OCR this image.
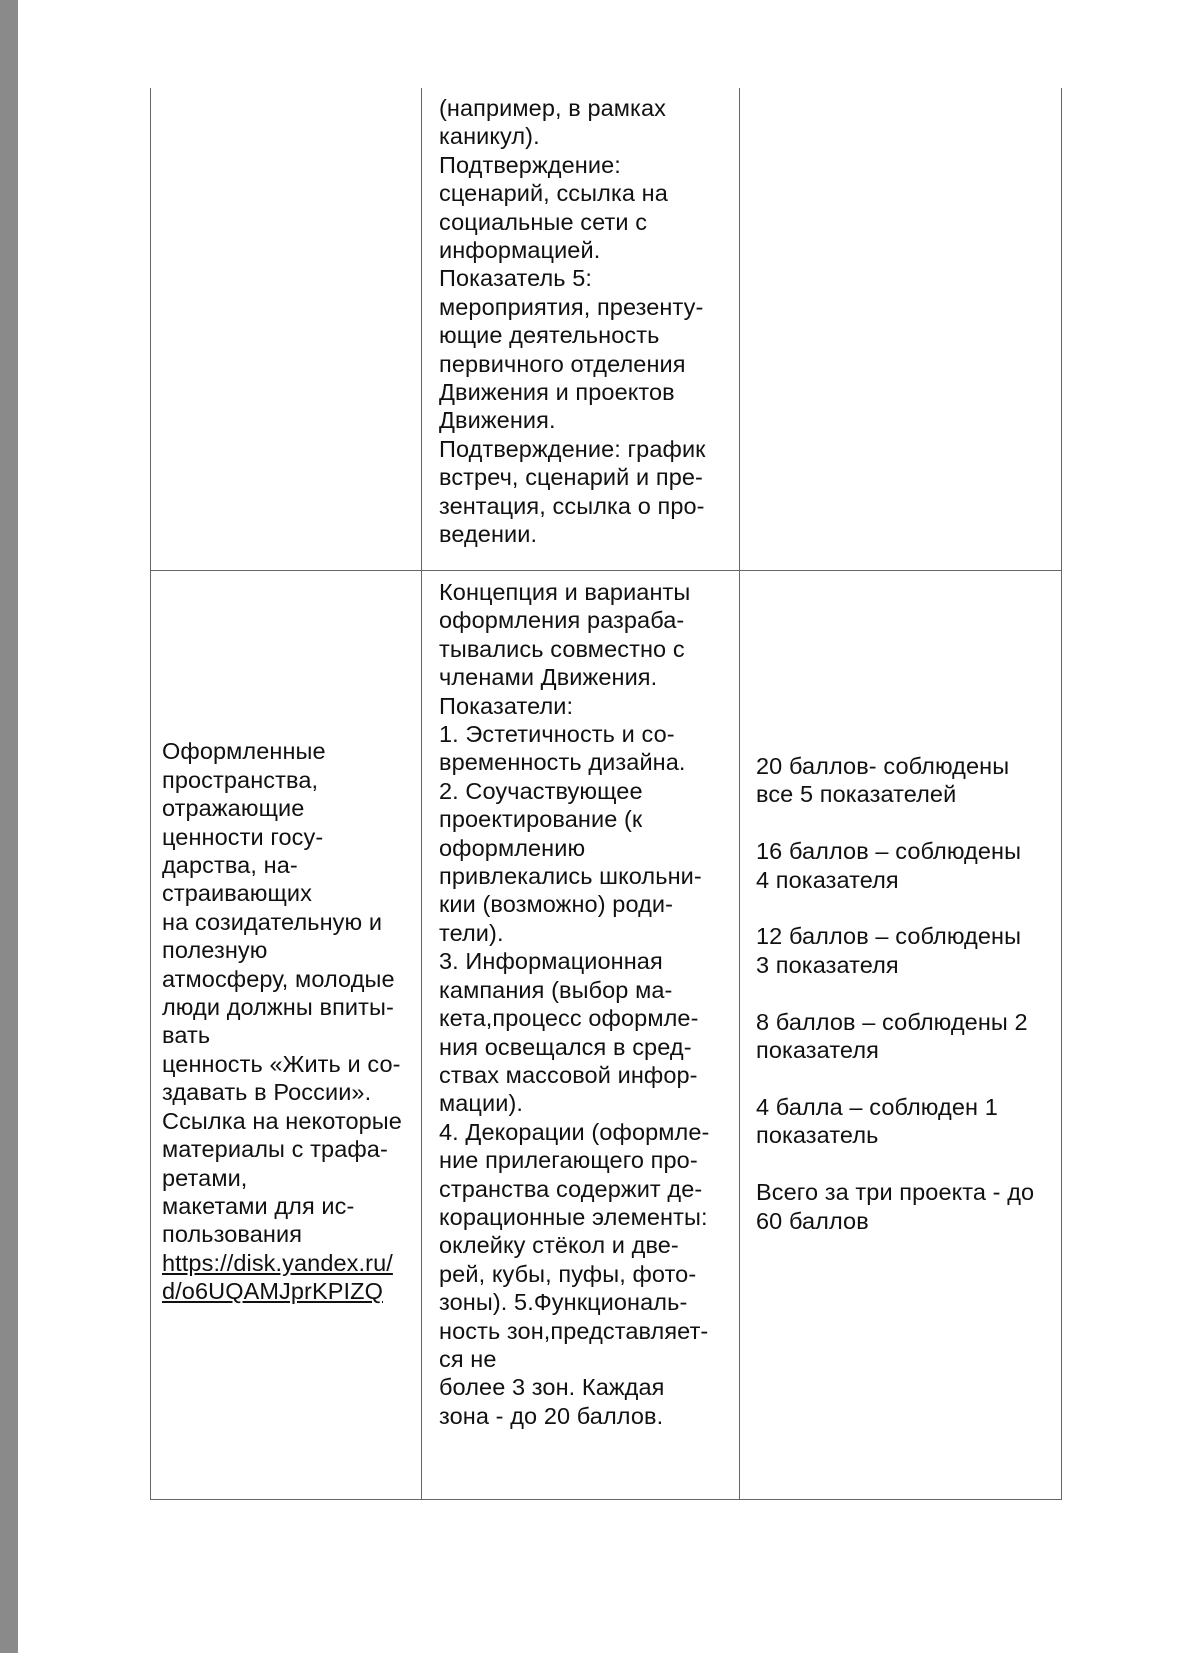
(например, в рамках
каникул).
Подтверждение:
сценарий, ссылка на
социальные сети с
информацией.
Показатель 5:
мероприятия, презенту-
ющие деятельность
первичного отделения
Движения и проектов
Движения.
Подтверждение: график
встреч, сценарий и пре-
зентация, ссылка о про-
ведении.

Оформленные
пространства,
отражающие
ценности госу-
дарства, на-
страивающих
на созидательную и
полезную
атмосферу, молодые
люди должны впиты-
вать
ценность «Жить и со-
здавать в России».
Ссылка на некоторые
материалы с трафа-
ретами,
макетами для ис-
пользования
https://disk.yandex.ru/
d/o6UQAMJprKPIZQ

Концепция и варианты
оформления разраба-
тывались совместно с
членами Движения.
Показатели:
1. Эстетичность и со-
временность дизайна.
2. Соучаствующее
проектирование (к
оформлению
привлекались школьни-
кии (возможно) роди-
тели).
3. Информационная
кампания (выбор ма-
кета,процесс оформле-
ния освещался в сред-
ствах массовой инфор-
мации).
4. Декорации (оформле-
ние прилегающего про-
странства содержит де-
корационные элементы:
оклейку стёкол и две-
рей, кубы, пуфы, фото-
зоны). 5.Функциональ-
ность зон,представляет-
ся не
более 3 зон. Каждая
зона - до 20 баллов.
20 баллов- соблюдены
все 5 показателей

16 баллов – соблюдены
4 показателя

12 баллов – соблюдены
3 показателя

8 баллов – соблюдены 2
показателя

4 балла – соблюден 1
показатель

Всего за три проекта - до
60 баллов
